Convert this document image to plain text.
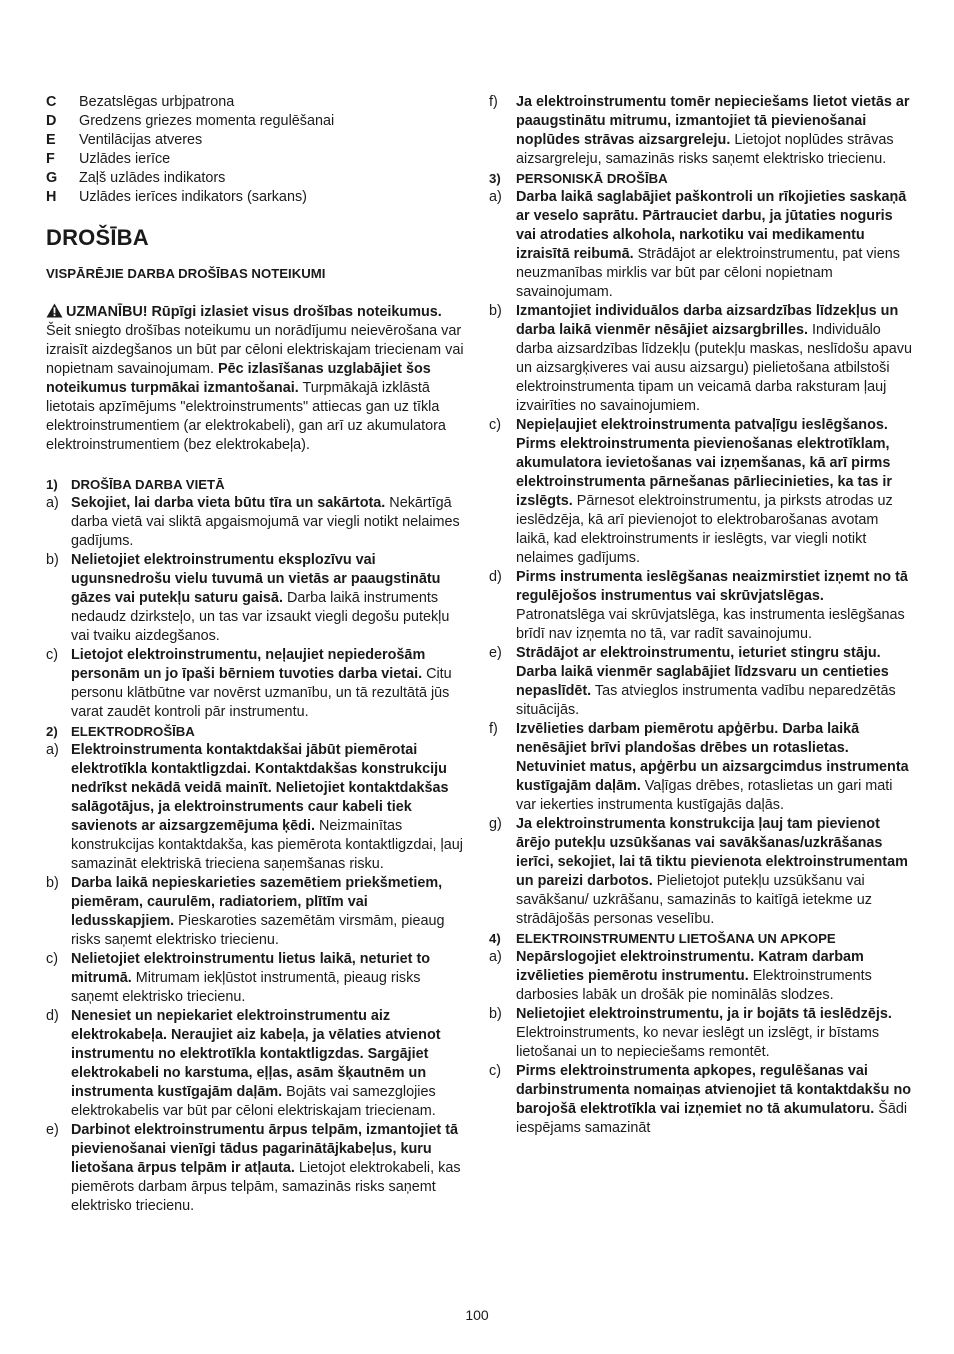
C	Bezatslēgas urbjpatrona
D	Gredzens griezes momenta regulēšanai
E	Ventilācijas atveres
F	Uzlādes ierīce
G	Zaļš uzlādes indikators
H	Uzlādes ierīces indikators (sarkans)
DROŠĪBA
VISPĀRĒJIE DARBA DROŠĪBAS NOTEIKUMI
UZMANĪBU! Rūpīgi izlasiet visus drošības noteikumus. Šeit sniegto drošības noteikumu un norādījumu neievērošana var izraisīt aizdegšanos un būt par cēloni elektriskajam triecienam vai nopietnam savainojumam. Pēc izlasīšanas uzglabājiet šos noteikumus turpmākai izmantošanai. Turpmākajā izklāstā lietotais apzīmējums "elektroinstruments" attiecas gan uz tīkla elektroinstrumentiem (ar elektrokabeli), gan arī uz akumulatora elektroinstrumentiem (bez elektrokabeļa).
1)	DROŠĪBA DARBA VIETĀ
a) Sekojiet, lai darba vieta būtu tīra un sakārtota. Nekārtīgā darba vietā vai sliktā apgaismojumā var viegli notikt nelaimes gadījums.
b) Nelietojiet elektroinstrumentu eksplozīvu vai ugunsnedrošu vielu tuvumā un vietās ar paaugstinātu gāzes vai putekļu saturu gaisā. Darba laikā instruments nedaudz dzirksteļo, un tas var izsaukt viegli degošu putekļu vai tvaiku aizdegšanos.
c) Lietojot elektroinstrumentu, neļaujiet nepiederošām personām un jo īpaši bērniem tuvoties darba vietai. Citu personu klātbūtne var novērst uzmanību, un tā rezultātā jūs varat zaudēt kontroli pār instrumentu.
2)	ELEKTRODROŠĪBA
a) Elektroinstrumenta kontaktdakšai jābūt piemērotai elektrotīkla kontaktligzdai. Kontaktdakšas konstrukciju nedrīkst nekādā veidā mainīt. Nelietojiet kontaktdakšas salāgotājus, ja elektroinstruments caur kabeli tiek savienots ar aizsargzemējuma ķēdi. Neizmainītas konstrukcijas kontaktdakša, kas piemērota kontaktligzdai, ļauj samazināt elektriskā trieciena saņemšanas risku.
b) Darba laikā nepieskarieties sazemētiem priekšmetiem, piemēram, caurulēm, radiatoriem, plītīm vai ledusskapjiem. Pieskaroties sazemētām virsmām, pieaug risks saņemt elektrisko triecienu.
c) Nelietojiet elektroinstrumentu lietus laikā, neturiet to mitrumā. Mitrumam iekļūstot instrumentā, pieaug risks saņemt elektrisko triecienu.
d) Nenesiet un nepiekariet elektroinstrumentu aiz elektrokabeļa. Neraujiet aiz kabeļa, ja vēlaties atvienot instrumentu no elektrotīkla kontaktligzdas. Sargājiet elektrokabeli no karstuma, eļļas, asām šķautnēm un instrumenta kustīgajām daļām. Bojāts vai samezglojies elektrokabelis var būt par cēloni elektriskajam triecienam.
e) Darbinot elektroinstrumentu ārpus telpām, izmantojiet tā pievienošanai vienīgi tādus pagarinātājkabeļus, kuru lietošana ārpus telpām ir atļauta. Lietojot elektrokabeli, kas piemērots darbam ārpus telpām, samazinās risks saņemt elektrisko triecienu.
f)	Ja elektroinstrumentu tomēr nepieciešams lietot vietās ar paaugstinātu mitrumu, izmantojiet tā pievienošanai noplūdes strāvas aizsargreleju. Lietojot noplūdes strāvas aizsargreleju, samazinās risks saņemt elektrisko triecienu.
3)	PERSONISKĀ DROŠĪBA
a) Darba laikā saglabājiet paškontroli un rīkojieties saskaņā ar veselo saprātu. Pārtrauciet darbu, ja jūtaties noguris vai atrodaties alkohola, narkotiku vai medikamentu izraisītā reibumā. Strādājot ar elektroinstrumentu, pat viens neuzmanības mirklis var būt par cēloni nopietnam savainojumam.
b) Izmantojiet individuālos darba aizsardzības līdzekļus un darba laikā vienmēr nēsājiet aizsargbrilles. Individuālo darba aizsardzības līdzekļu (putekļu maskas, neslīdošu apavu un aizsargķiveres vai ausu aizsargu) pielietošana atbilstoši elektroinstrumenta tipam un veicamā darba raksturam ļauj izvairīties no savainojumiem.
c)	Nepieļaujiet elektroinstrumenta patvaļīgu ieslēgšanos. Pirms elektroinstrumenta pievienošanas elektrotīklam, akumulatora ievietošanas vai izņemšanas, kā arī pirms elektroinstrumenta pārnešanas pārliecinieties, ka tas ir izslēgts. Pārnesot elektroinstrumentu, ja pirksts atrodas uz ieslēdzēja, kā arī pievienojot to elektrobarošanas avotam laikā, kad elektroinstruments ir ieslēgts, var viegli notikt nelaimes gadījums.
d) Pirms instrumenta ieslēgšanas neaizmirstiet izņemt no tā regulējošos instrumentus vai skrūvjatslēgas. Patronatslēga vai skrūvjatslēga, kas instrumenta ieslēgšanas brīdī nav izņemta no tā, var radīt savainojumu.
e) Strādājot ar elektroinstrumentu, ieturiet stingru stāju. Darba laikā vienmēr saglabājiet līdzsvaru un centieties nepaslīdēt. Tas atvieglos instrumenta vadību neparedzētās situācijās.
f)	Izvēlieties darbam piemērotu apģērbu. Darba laikā nenēsājiet brīvi plandošas drēbes un rotaslietas. Netuviniet matus, apģērbu un aizsargcimdus instrumenta kustīgajām daļām. Vaļīgas drēbes, rotaslietas un gari mati var iekerties instrumenta kustīgajās daļās.
g) Ja elektroinstrumenta konstrukcija ļauj tam pievienot ārējo putekļu uzsūkšanas vai savākšanas/uzkrāšanas ierīci, sekojiet, lai tā tiktu pievienota elektroinstrumentam un pareizi darbotos. Pielietojot putekļu uzsūkšanu vai savākšanu/ uzkrāšanu, samazinās to kaitīgā ietekme uz strādājošās personas veselību.
4)	ELEKTROINSTRUMENTU LIETOŠANA UN APKOPE
a) Nepārslogojiet elektroinstrumentu. Katram darbam izvēlieties piemērotu instrumentu. Elektroinstruments darbosies labāk un drošāk pie nominālās slodzes.
b) Nelietojiet elektroinstrumentu, ja ir bojāts tā ieslēdzējs. Elektroinstruments, ko nevar ieslēgt un izslēgt, ir bīstams lietošanai un to nepieciešams remontēt.
c)	Pirms elektroinstrumenta apkopes, regulēšanas vai darbinstrumenta nomaiņas atvienojiet tā kontaktdakšu no barojošā elektrotīkla vai izņemiet no tā akumulatoru. Šādi iespējams samazināt
100
